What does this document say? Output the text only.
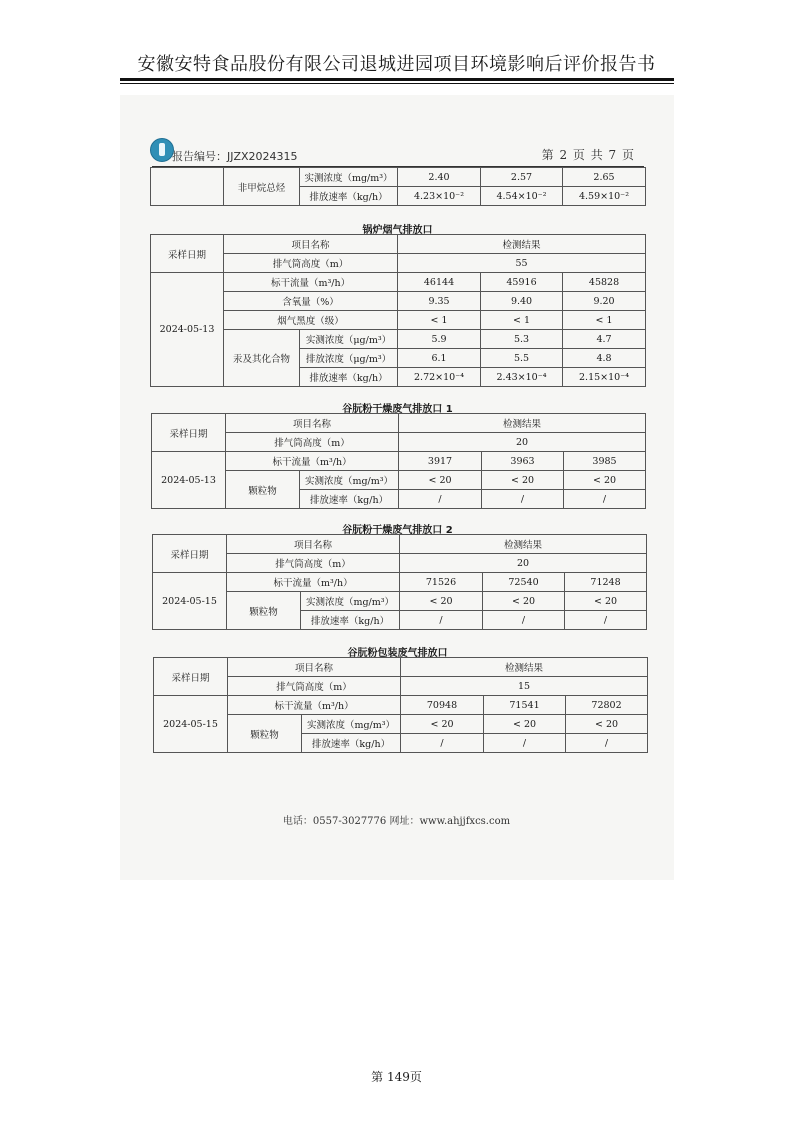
安徽安特食品股份有限公司退城进园项目环境影响后评价报告书
报告编号：JJZX2024315	第 2 页 共 7 页
	非甲烷总烃	实测浓度（mg/m³）	2.40	2.57	2.65
		排放速率（kg/h）	4.23×10⁻²	4.54×10⁻²	4.59×10⁻²
锅炉烟气排放口
采样日期	项目名称		检测结果		
	排气筒高度（m）		55		
2024-05-13	标干流量（m³/h）		46144	45916	45828
	含氧量（%）		9.35	9.40	9.20
	烟气黑度（级）		< 1	< 1	< 1
	汞及其化合物	实测浓度（μg/m³）	5.9	5.3	4.7
		排放浓度（μg/m³）	6.1	5.5	4.8
		排放速率（kg/h）	2.72×10⁻⁴	2.43×10⁻⁴	2.15×10⁻⁴
谷朊粉干燥废气排放口 1
采样日期	项目名称		检测结果		
	排气筒高度（m）		20		
2024-05-13	标干流量（m³/h）		3917	3963	3985
	颗粒物	实测浓度（mg/m³）	< 20	< 20	< 20
		排放速率（kg/h）	/	/	/
谷朊粉干燥废气排放口 2
采样日期	项目名称		检测结果		
	排气筒高度（m）		20		
2024-05-15	标干流量（m³/h）		71526	72540	71248
	颗粒物	实测浓度（mg/m³）	< 20	< 20	< 20
		排放速率（kg/h）	/	/	/
谷朊粉包装废气排放口
采样日期	项目名称		检测结果		
	排气筒高度（m）		15		
2024-05-15	标干流量（m³/h）		70948	71541	72802
	颗粒物	实测浓度（mg/m³）	< 20	< 20	< 20
		排放速率（kg/h）	/	/	/
电话：0557-3027776 网址：www.ahjjfxcs.com
第 149页
